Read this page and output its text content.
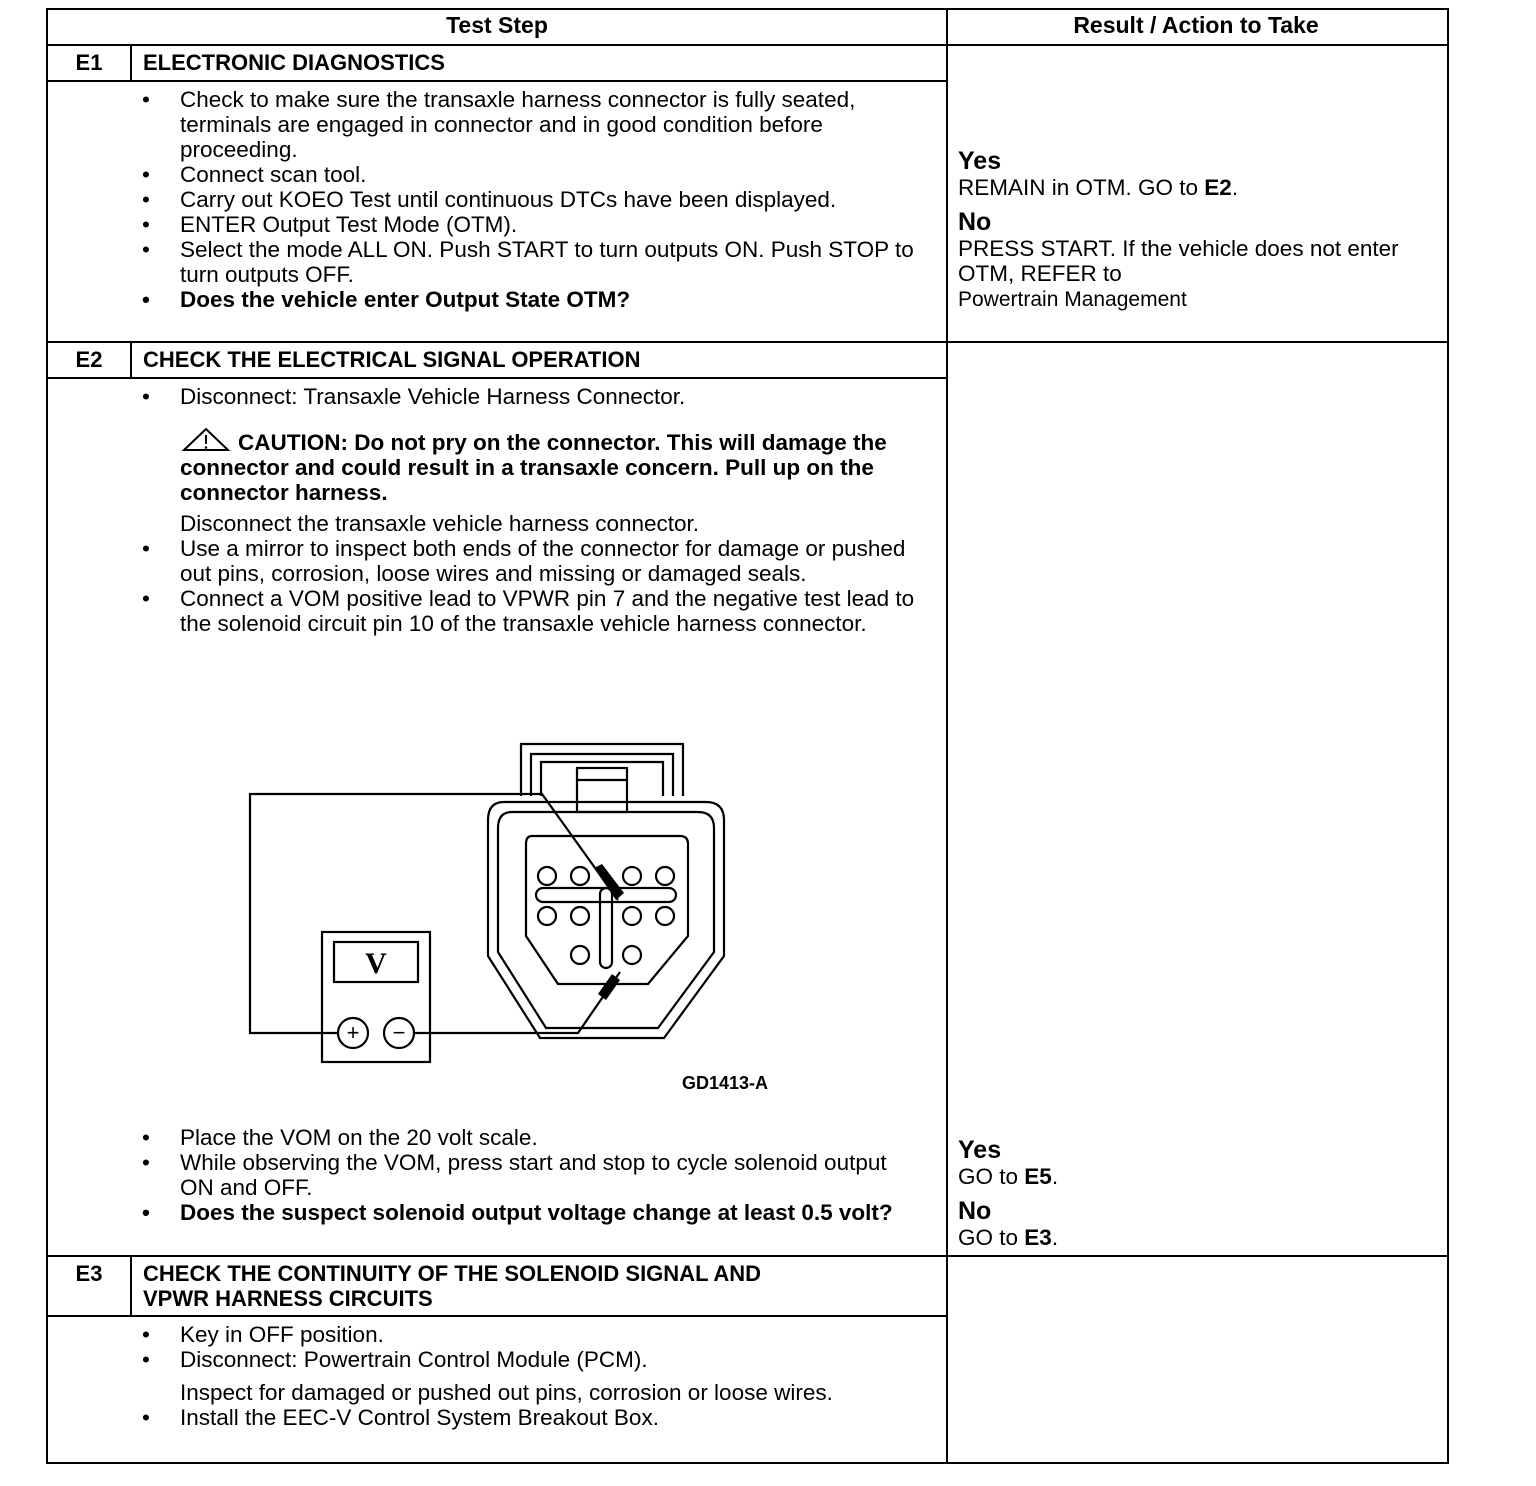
Test Step	Result / Action to Take
E1	ELECTRONIC DIAGNOSTICS
• Check to make sure the transaxle harness connector is fully seated, terminals are engaged in connector and in good condition before proceeding.
• Connect scan tool.
• Carry out KOEO Test until continuous DTCs have been displayed.
• ENTER Output Test Mode (OTM).
• Select the mode ALL ON. Push START to turn outputs ON. Push STOP to turn outputs OFF.
• Does the vehicle enter Output State OTM?
Yes
REMAIN in OTM. GO to E2.
No
PRESS START. If the vehicle does not enter OTM, REFER to
Powertrain Management
E2	CHECK THE ELECTRICAL SIGNAL OPERATION
• Disconnect: Transaxle Vehicle Harness Connector.
CAUTION: Do not pry on the connector. This will damage the connector and could result in a transaxle concern. Pull up on the connector harness.
Disconnect the transaxle vehicle harness connector.
• Use a mirror to inspect both ends of the connector for damage or pushed out pins, corrosion, loose wires and missing or damaged seals.
• Connect a VOM positive lead to VPWR pin 7 and the negative test lead to the solenoid circuit pin 10 of the transaxle vehicle harness connector.
V
+ −
GD1413-A
• Place the VOM on the 20 volt scale.
• While observing the VOM, press start and stop to cycle solenoid output ON and OFF.
• Does the suspect solenoid output voltage change at least 0.5 volt?
Yes
GO to E5.
No
GO to E3.
E3	CHECK THE CONTINUITY OF THE SOLENOID SIGNAL AND
VPWR HARNESS CIRCUITS
• Key in OFF position.
• Disconnect: Powertrain Control Module (PCM).
Inspect for damaged or pushed out pins, corrosion or loose wires.
• Install the EEC-V Control System Breakout Box.
